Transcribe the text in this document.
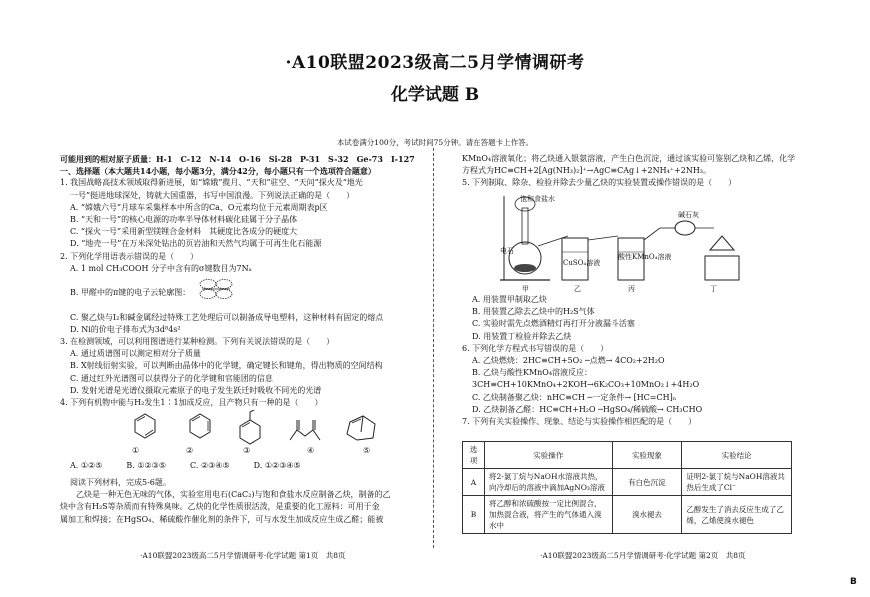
·A10联盟2023级高二5月学情调研考
化学试题 B
本试卷满分100分，考试时间75分钟。请在答题卡上作答。
可能用到的相对原子质量：H-1　C-12　N-14　O-16　Si-28　P-31　S-32　Ge-73　I-127
一、选择题（本大题共14小题，每小题3分，满分42分，每小题只有一个选项符合题意）
1. 我国战略高技术领域取得新进展，如“嫦娥”揽月、“天和”驻空、“天问”探火及“地光
一号”挺进地球深处，铸就大国重器，书写中国浪漫。下列说法正确的是（　　）
A. “嫦娥六号”月球车采集样本中所含的Ca、O元素均位于元素周期表p区
B. “天和一号”的核心电源的功率半导体材料碳化硅属于分子晶体
C. “探火一号”采用新型镁锂合金材料　其硬度比各成分的硬度大
D. “地壳一号”在万米深处钻出的页岩油和天然气均属于可再生化石能源
2. 下列化学用语表示错误的是（　　）
A. 1 mol CH₃COOH 分子中含有的σ键数目为7Nₐ

B. 甲醛中的π键的电子云轮廓图：

C. 聚乙炔与I₂和碱金属经过特殊工艺处理后可以制备成导电塑料，这种材料有固定的熔点
D. Ni的价电子排布式为3d⁸4s²
3. 在检测领域，可以利用图谱进行某种检测。下列有关说法错误的是（　　）
A. 通过质谱图可以测定相对分子质量
B. X射线衍射实验，可以判断由晶体中的化学键，确定键长和键角，得出物质的空间结构
C. 通过红外光谱图可以获得分子的化学键和官能团的信息
D. 发射光谱是光谱仪摄取元素原子的电子发生跃迁时吸收不同光的光谱
4. 下列有机物中能与H₂发生1∶1加成反应，且产物只有一种的是（　　）
①	②	③	④	⑤
A. ①②⑤　　　B. ①②③⑤　　　C. ②③④⑤　　　D. ①②③④⑤
阅读下列材料，完成5-6题。
乙炔是一种无色无味的气体，实验室用电石(CaC₂)与饱和食盐水反应制备乙炔，制备的乙
炔中含有H₂S等杂质而有特殊臭味。乙炔的化学性质很活泼，是重要的化工原料：可用于金
属加工和焊接；在HgSO₄、稀硫酸作催化剂的条件下，可与水发生加成反应生成乙醛；能被
·A10联盟2023级高二5月学情调研考·化学试题 第1页　共8页
KMnO₄溶液氧化；将乙炔通入银氨溶液，产生白色沉淀，通过该实验可鉴别乙炔和乙烯，化学
方程式为HC≡CH+2[Ag(NH₃)₂]⁺→AgC≡CAg↓+2NH₄⁺+2NH₃。
5. 下列制取、除杂、检验并除去少量乙炔的实验装置或操作错误的是（　　）
饱和食盐水
电石
CuSO₄溶液
酸性KMnO₄溶液
碱石灰
甲	乙	丙	丁
A. 用装置甲制取乙炔
B. 用装置乙除去乙炔中的H₂S气体
C. 实验时需先点燃酒精灯再打开分液漏斗活塞
D. 用装置丁检验并除去乙炔
6. 下列化学方程式书写错误的是（　　）
A. 乙炔燃烧：2HC≡CH+5O₂ ─点燃→ 4CO₂+2H₂O
B. 乙炔与酸性KMnO₄溶液反应：
3CH≡CH+10KMnO₄+2KOH→6K₂CO₃+10MnO₂↓+4H₂O
C. 乙炔制备聚乙炔：nHC≡CH ─一定条件→ [HC=CH]ₙ
D. 乙炔制备乙醛：HC≡CH+H₂O ─HgSO₄/稀硫酸→ CH₃CHO
7. 下列有关实验操作、现象、结论与实验操作相匹配的是（　　）
选项	实验操作	实验现象	实验结论
A	将2-氯丁烷与NaOH水溶液共热，向冷却后的溶液中滴加AgNO₃溶液	有白色沉淀	证明2-氯丁烷与NaOH溶液共热后生成了Cl⁻
B	将乙醇和浓硫酸按一定比例混合，加热混合液，将产生的气体通入溴水中	溴水褪去	乙醇发生了消去反应生成了乙烯，乙烯使溴水褪色
·A10联盟2023级高二5月学情调研考·化学试题 第2页　共8页
B
